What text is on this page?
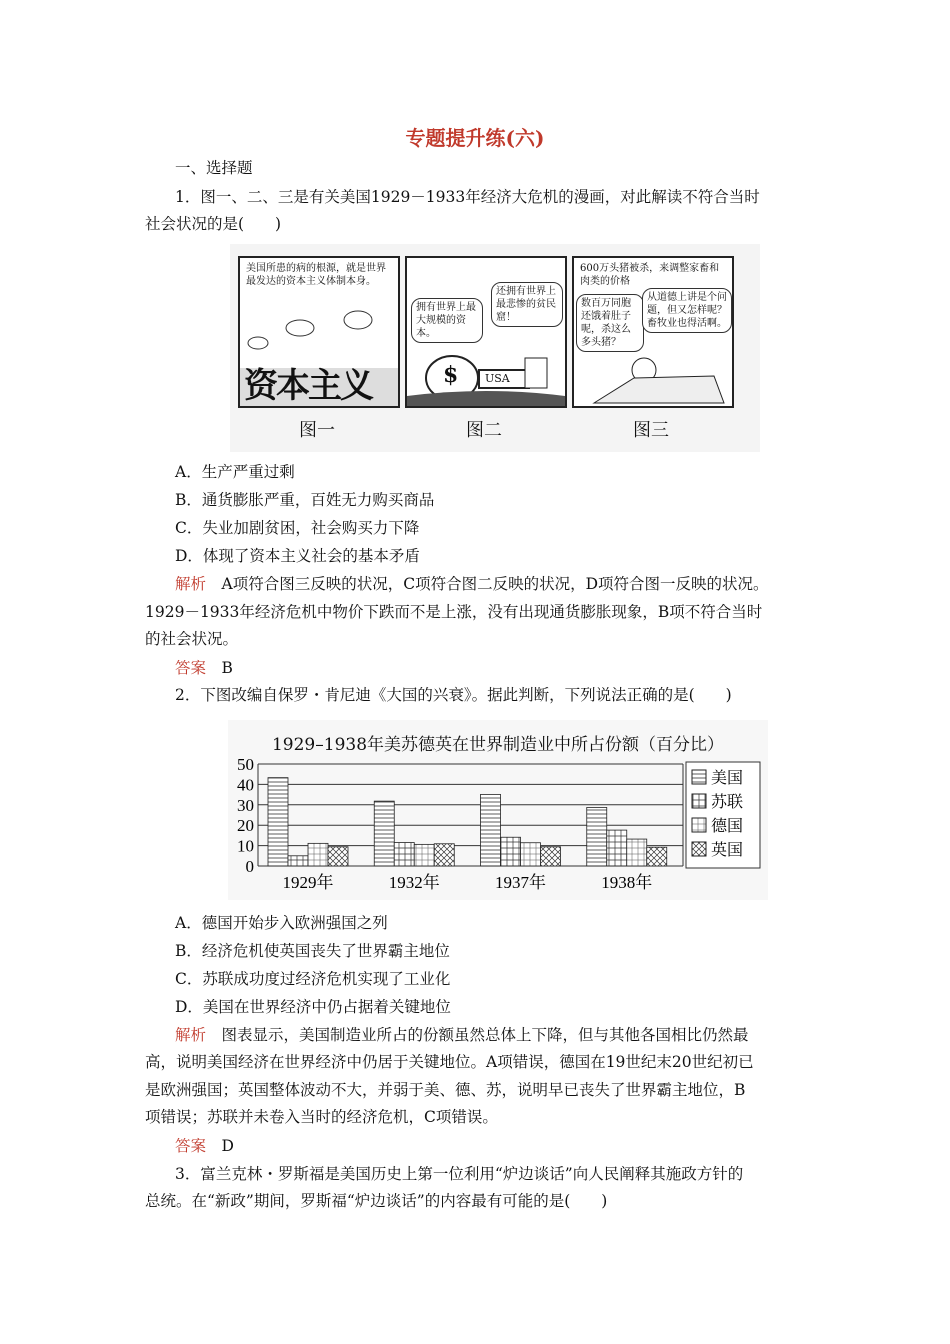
专题提升练(六)
一、选择题
1．图一、二、三是有关美国1929－1933年经济大危机的漫画，对此解读不符合当时
社会状况的是(　　)
美国所患的病的根源，就是世界最发达的资本主义体制本身。
资本主义
拥有世界上最大规模的资本。
还拥有世界上最悲惨的贫民窟！
$ USA
600万头猪被杀，来调整家畜和肉类的价格
数百万同胞还饿着肚子呢，杀这么多头猪？
从道德上讲是个问题，但又怎样呢？畜牧业也得活啊。
图一	图二	图三
A．生产严重过剩
B．通货膨胀严重，百姓无力购买商品
C．失业加剧贫困，社会购买力下降
D．体现了资本主义社会的基本矛盾
解析　 A项符合图三反映的状况，C项符合图二反映的状况，D项符合图一反映的状况。
1929－1933年经济危机中物价下跌而不是上涨，没有出现通货膨胀现象，B项不符合当时
的社会状况。
答案　 B
2．下图改编自保罗・肯尼迪《大国的兴衰》。据此判断，下列说法正确的是(　　)
1929–1938年美苏德英在世界制造业中所占份额（百分比）
0
10
20
30
40
50
1929年	1932年	1937年	1938年
美国
苏联
德国
英国
A．德国开始步入欧洲强国之列
B．经济危机使英国丧失了世界霸主地位
C．苏联成功度过经济危机实现了工业化
D．美国在世界经济中仍占据着关键地位
解析　 图表显示，美国制造业所占的份额虽然总体上下降，但与其他各国相比仍然最
高，说明美国经济在世界经济中仍居于关键地位。A项错误，德国在19世纪末20世纪初已
是欧洲强国；英国整体波动不大，并弱于美、德、苏，说明早已丧失了世界霸主地位，B
项错误；苏联并未卷入当时的经济危机，C项错误。
答案　 D
3．富兰克林・罗斯福是美国历史上第一位利用“炉边谈话”向人民阐释其施政方针的
总统。在“新政”期间，罗斯福“炉边谈话”的内容最有可能的是(　　)
